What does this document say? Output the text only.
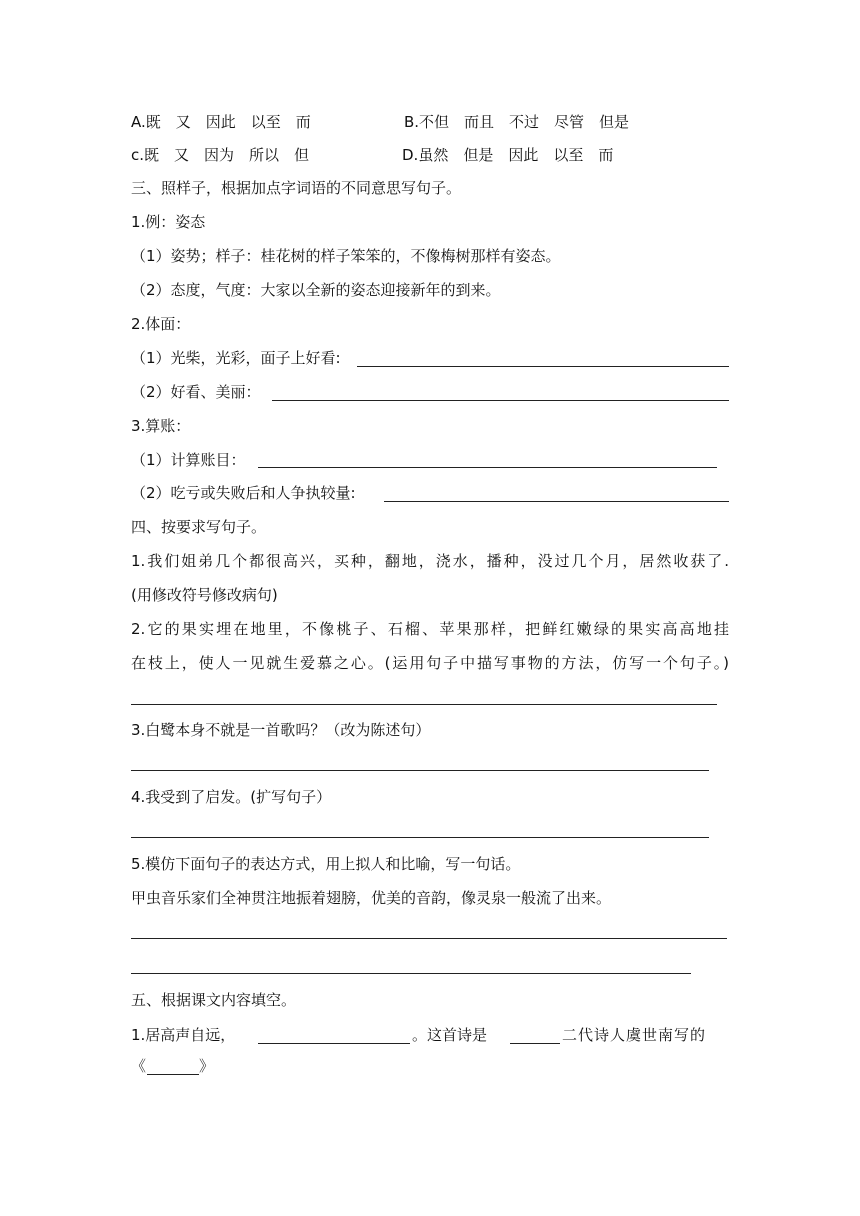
A.既　又　因此　以至　而	B.不但　而且　不过　尽管　但是
c.既　又　因为　所以　但	D.虽然　但是　因此　以至　而
三、照样子，根据加点字词语的不同意思写句子。
1.例：姿态
（1）姿势；样子：桂花树的样子笨笨的，不像梅树那样有姿态。
（2）态度，气度：大家以全新的姿态迎接新年的到来。
2.体面：
（1）光柴，光彩，面子上好看:
（2）好看、美丽：
3.算账：
（1）计算账目：
（2）吃亏或失败后和人争执较量:
四、按要求写句子。
1.我们姐弟几个都很高兴，买种，翻地，浇水，播种，没过几个月，居然收获了.
(用修改符号修改病句)
2.它的果实埋在地里，不像桃子、石榴、苹果那样，把鲜红嫩绿的果实高高地挂
在枝上，使人一见就生爱慕之心。(运用句子中描写事物的方法，仿写一个句子。)
3.白鹭本身不就是一首歌吗？（改为陈述句）
4.我受到了启发。(扩写句子）
5.模仿下面句子的表达方式，用上拟人和比喻，写一句话。
甲虫音乐家们全神贯注地振着翅膀，优美的音韵，像灵泉一般流了出来。
五、根据课文内容填空。
1.居高声自远，	。这首诗是	二代诗人虞世南写的
《	》
